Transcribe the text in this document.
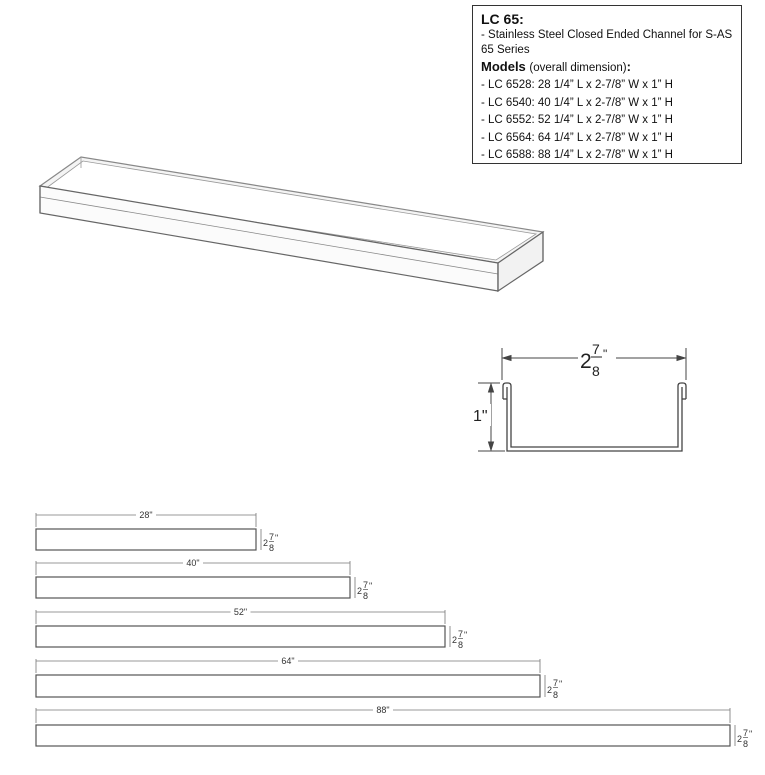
LC 65:
- Stainless Steel Closed Ended Channel for S-AS 65 Series
Models (overall dimension):
- LC 6528: 28 1/4” L x 2-7/8” W x 1” H
- LC 6540: 40 1/4” L x 2-7/8” W x 1” H
- LC 6552: 52 1/4” L x 2-7/8” W x 1” H
- LC 6564: 64 1/4” L x 2-7/8” W x 1” H
- LC 6588: 88 1/4” L x 2-7/8” W x 1” H
2
7
8
"
1"
28"
2
7
8
"
40"
2
7
8
"
52"
2
7
8
"
64"
2
7
8
"
88"
2
7
8
"
